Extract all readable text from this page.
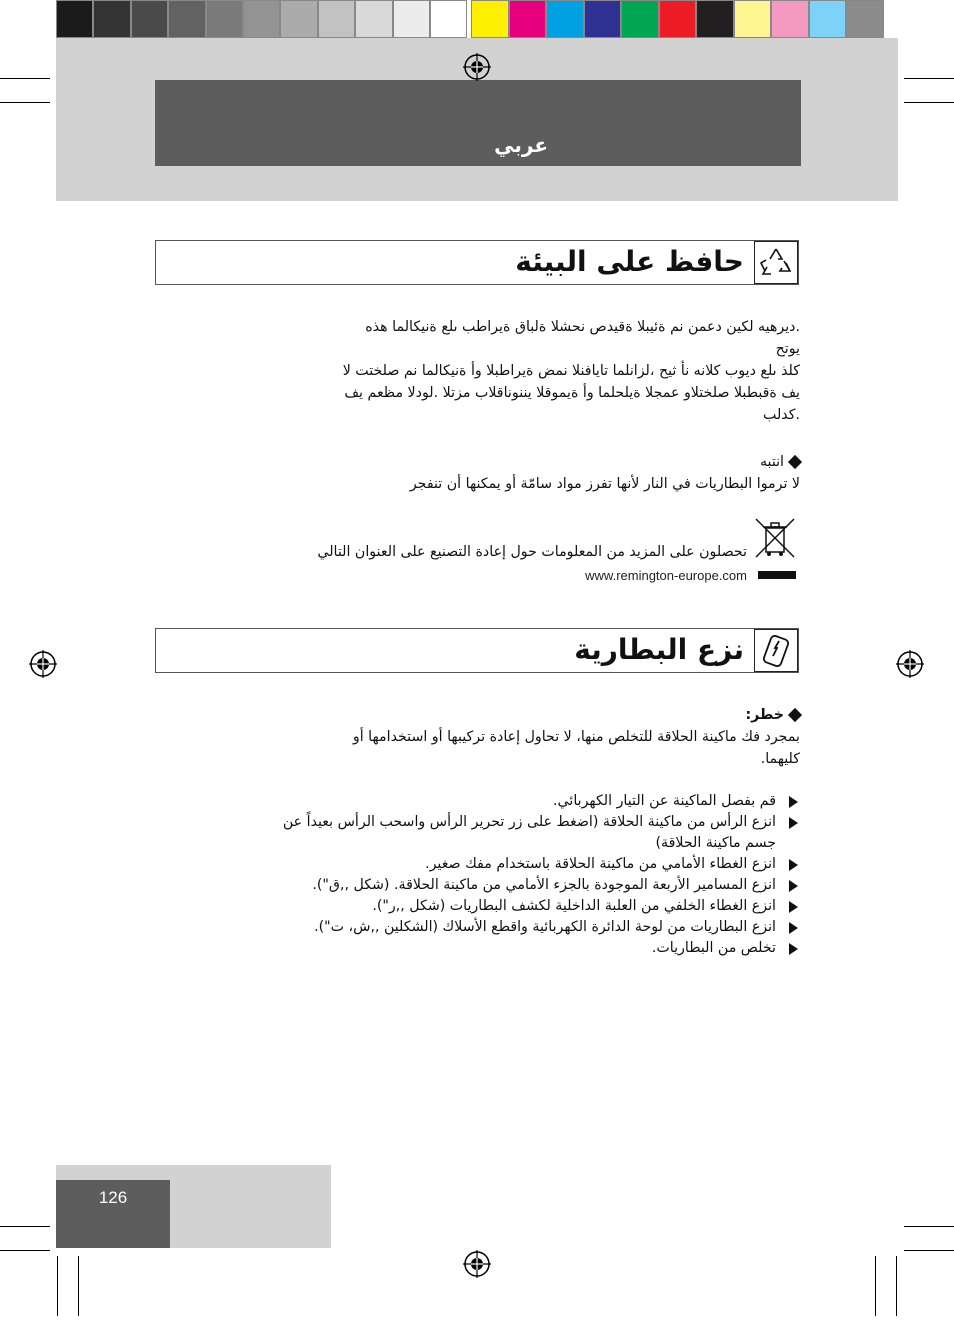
عربي
حافظ على البيئة
.ديرهيه لكين دعمن نم ةئيبلا ةقيدص نحشلا ةلباق ةيراطب ىلع ةنيكالما هذه
يوتح
كلذ ىلع ديوب كلانه نأ ثيح ،لزانلما تايافنلا نمض ةيراطبلا وأ ةنيكالما نم صلختت لا
يف ةقبطبلا صلختلاو عمجلا ةيلحلما وأ ةيموقلا يننوناقلاب مزتلا .لودلا مظعم يف
.كدلب
انتبه
لا ترموا البطاريات في النار لأنها تفرز مواد سامّة أو يمكنها أن تنفجر
تحصلون على المزيد من المعلومات حول إعادة التصنيع على العنوان التالي
www.remington-europe.com
نزع البطارية
خطر:
بمجرد فك ماكينة الحلاقة للتخلص منها، لا تحاول إعادة تركيبها أو استخدامها أو
كليهما.
قم بفصل الماكينة عن التيار الكهربائي.
انزع الرأس من ماكينة الحلاقة (اضغط على زر تحرير الرأس واسحب الرأس بعيداً عن
جسم ماكينة الحلاقة)
انزع الغطاء الأمامي من ماكينة الحلاقة باستخدام مفك صغير.
انزع المسامير الأربعة الموجودة بالجزء الأمامي من ماكينة الحلاقة. (شكل ,,ق").
انزع الغطاء الخلفي من العلبة الداخلية لكشف البطاريات (شكل ,,ر").
انزع البطاريات من لوحة الدائرة الكهربائية واقطع الأسلاك (الشكلين ,,ش، ت").
تخلص من البطاريات.
126
